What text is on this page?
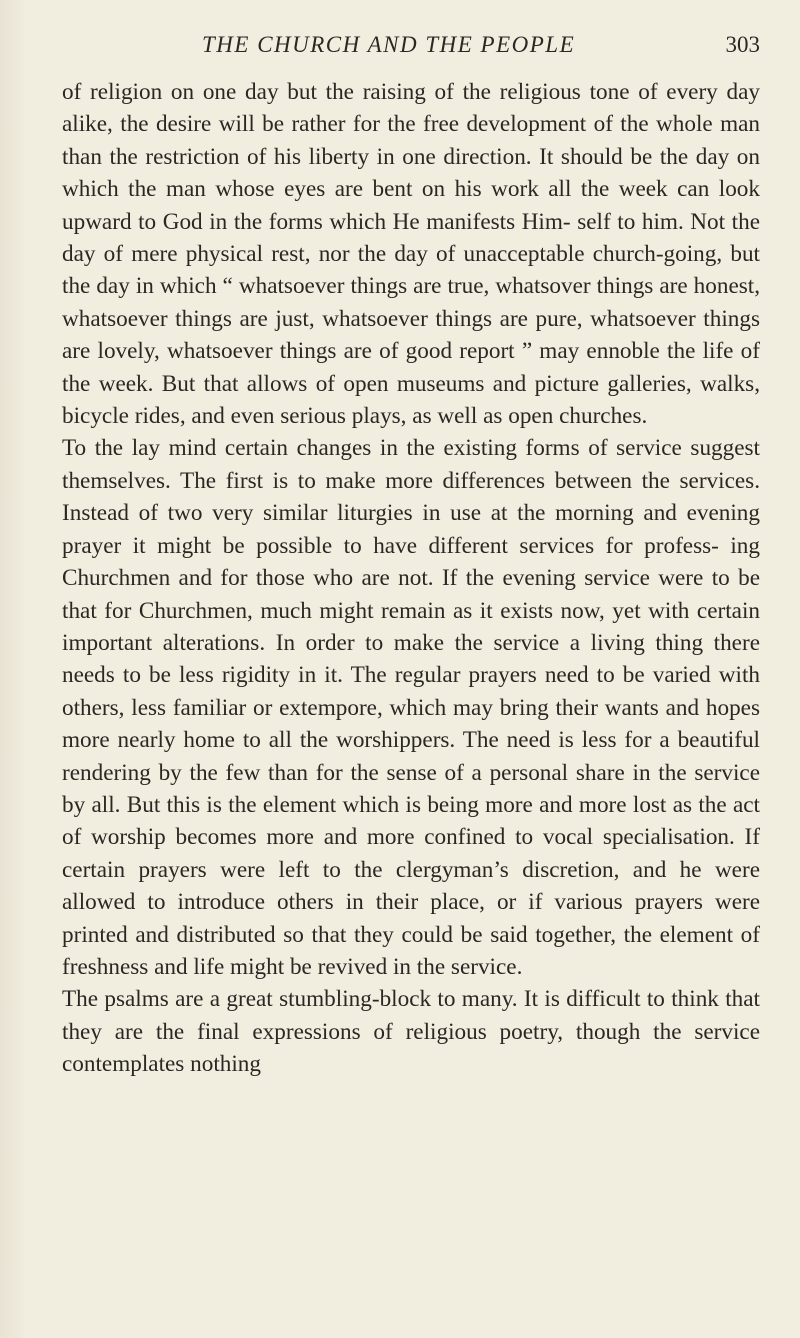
THE CHURCH AND THE PEOPLE	303

of religion on one day but the raising of the religious tone of every day alike, the desire will be rather for the free development of the whole man than the restriction of his liberty in one direction. It should be the day on which the man whose eyes are bent on his work all the week can look upward to God in the forms which He manifests Him- self to him. Not the day of mere physical rest, nor the day of unacceptable church-going, but the day in which “ whatsoever things are true, whatsover things are honest, whatsoever things are just, whatsoever things are pure, whatsoever things are lovely, whatsoever things are of good report ” may ennoble the life of the week. But that allows of open museums and picture galleries, walks, bicycle rides, and even serious plays, as well as open churches.

To the lay mind certain changes in the existing forms of service suggest themselves. The first is to make more differences between the services. Instead of two very similar liturgies in use at the morning and evening prayer it might be possible to have different services for profess- ing Churchmen and for those who are not. If the evening service were to be that for Churchmen, much might remain as it exists now, yet with certain important alterations. In order to make the service a living thing there needs to be less rigidity in it. The regular prayers need to be varied with others, less familiar or extempore, which may bring their wants and hopes more nearly home to all the worshippers. The need is less for a beautiful rendering by the few than for the sense of a personal share in the service by all. But this is the element which is being more and more lost as the act of worship becomes more and more confined to vocal specialisation. If certain prayers were left to the clergyman’s discretion, and he were allowed to introduce others in their place, or if various prayers were printed and distributed so that they could be said together, the element of freshness and life might be revived in the service.

The psalms are a great stumbling-block to many. It is difficult to think that they are the final expressions of religious poetry, though the service contemplates nothing
